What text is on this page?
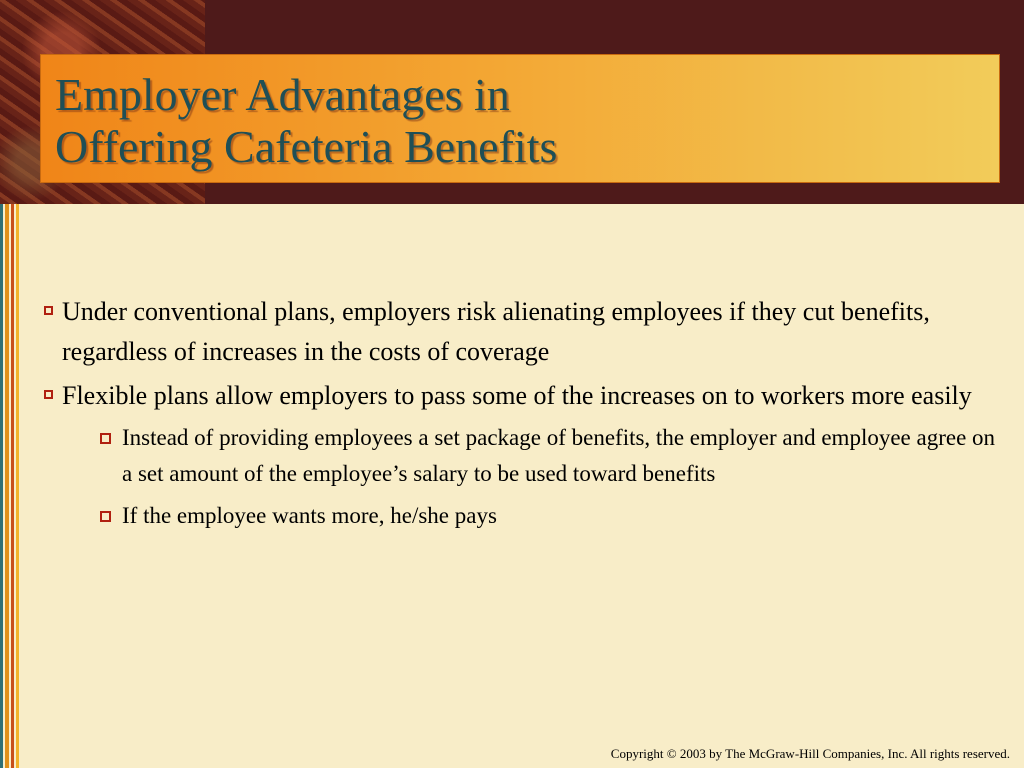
Employer Advantages in
Offering Cafeteria Benefits
Under conventional plans, employers risk alienating employees if they cut benefits, regardless of increases in the costs of coverage
Flexible plans allow employers to pass some of the increases on to workers more easily
Instead of providing employees a set package of benefits, the employer and employee agree on a set amount of the employee’s salary to be used toward benefits
If the employee wants more, he/she pays
Copyright © 2003 by The McGraw-Hill Companies, Inc. All rights reserved.
